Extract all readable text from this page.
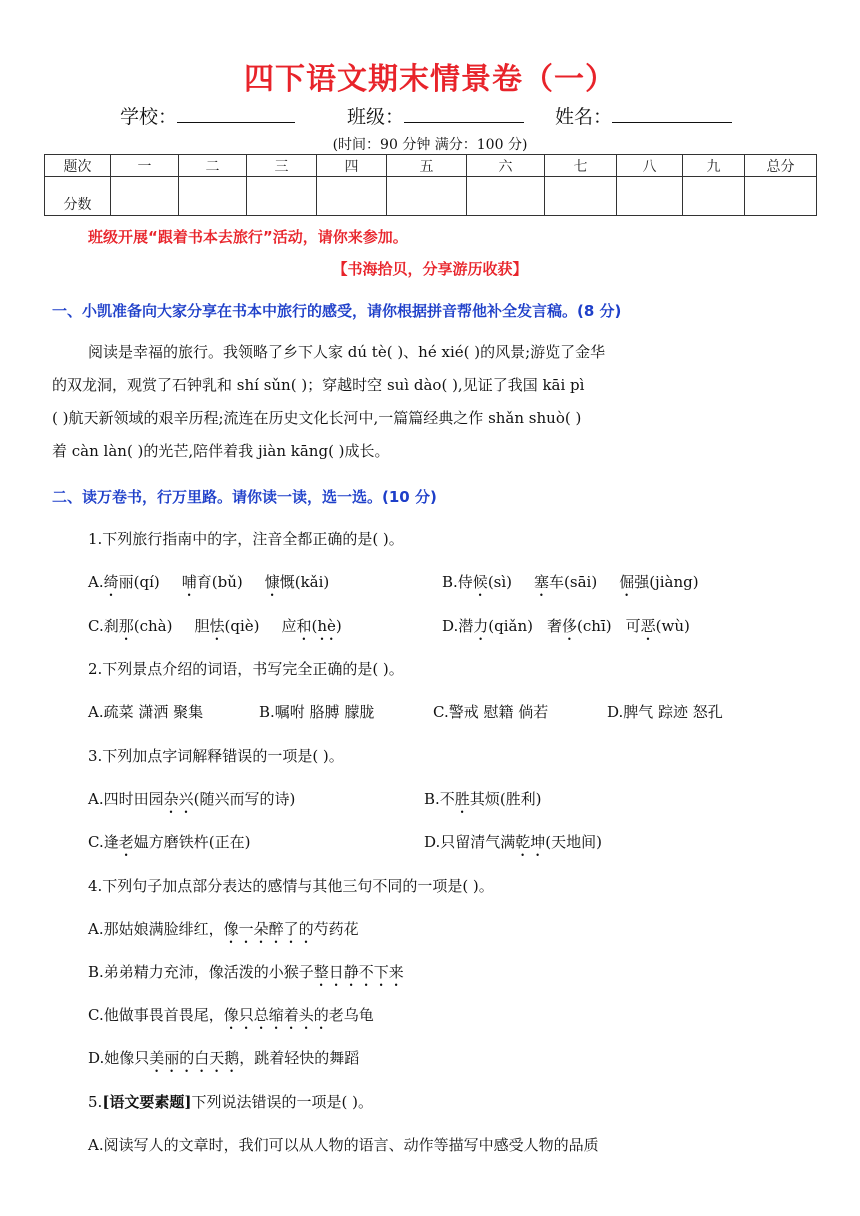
四下语文期末情景卷（一）
学校：	班级：	姓名：
(时间：90 分钟 满分：100 分)
题次	一	二	三	四	五	六	七	八	九	总分
分数										
班级开展“跟着书本去旅行”活动，请你来参加。
【书海拾贝，分享游历收获】
一、小凯准备向大家分享在书本中旅行的感受，请你根据拼音帮他补全发言稿。(8 分)
阅读是幸福的旅行。我领略了乡下人家 dú tè( )、hé xié( )的风景;游览了金华
的双龙洞，观赏了石钟乳和 shí sǔn( )；穿越时空 suì dào( ),见证了我国 kāi pì
( )航天新领域的艰辛历程;流连在历史文化长河中,一篇篇经典之作 shǎn shuò( )
着 càn làn( )的光芒,陪伴着我 jiàn kāng( )成长。
二、读万卷书，行万里路。请你读一读，选一选。(10 分)
1.下列旅行指南中的字，注音全都正确的是( )。
A.绮丽(qí) 哺育(bǔ) 慷慨(kǎi)	B.侍候(sì) 塞车(sāi) 倔强(jiàng)
C.刹那(chà) 胆怯(qiè) 应和(hè)	D.潜力(qiǎn) 奢侈(chī) 可恶(wù)
2.下列景点介绍的词语，书写完全正确的是( )。
A.疏菜 潇洒 聚集	B.嘱咐 胳膊 朦胧	C.警戒 慰籍 倘若	D.脾气 踪迹 怒孔
3.下列加点字词解释错误的一项是( )。
A.四时田园杂兴(随兴而写的诗)	B.不胜其烦(胜利)
C.逢老媪方磨铁杵(正在)	D.只留清气满乾坤(天地间)
4.下列句子加点部分表达的感情与其他三句不同的一项是( )。
A.那姑娘满脸绯红，像一朵醉了的芍药花
B.弟弟精力充沛，像活泼的小猴子整日静不下来
C.他做事畏首畏尾，像只总缩着头的老乌龟
D.她像只美丽的白天鹅，跳着轻快的舞蹈
5.[语文要素题]下列说法错误的一项是( )。
A.阅读写人的文章时，我们可以从人物的语言、动作等描写中感受人物的品质
